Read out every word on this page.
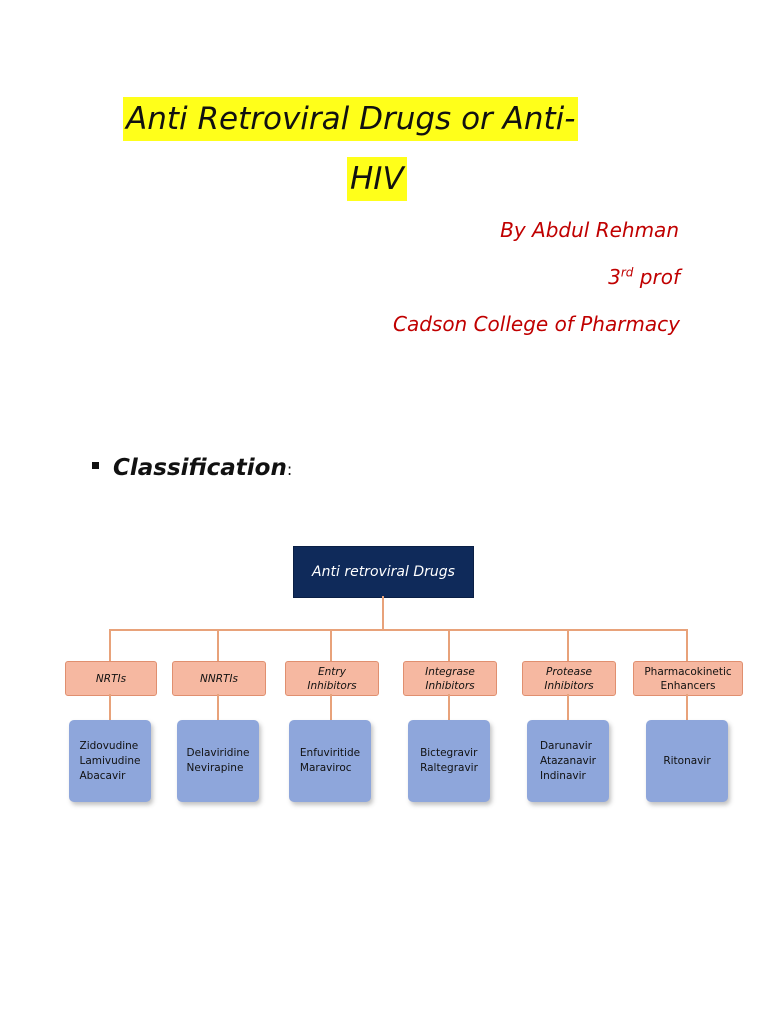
Anti Retroviral Drugs or Anti-
HIV
By Abdul Rehman
3rd prof
Cadson College of Pharmacy
Classification :
Anti retroviral Drugs
NRTIs
Zidovudine
Lamivudine
Abacavir
NNRTIs
Delaviridine
Nevirapine
Entry
Inhibitors
Enfuviritide
Maraviroc
Integrase
Inhibitors
Bictegravir
Raltegravir
Protease
Inhibitors
Darunavir
Atazanavir
Indinavir
Pharmacokinetic
Enhancers
Ritonavir
